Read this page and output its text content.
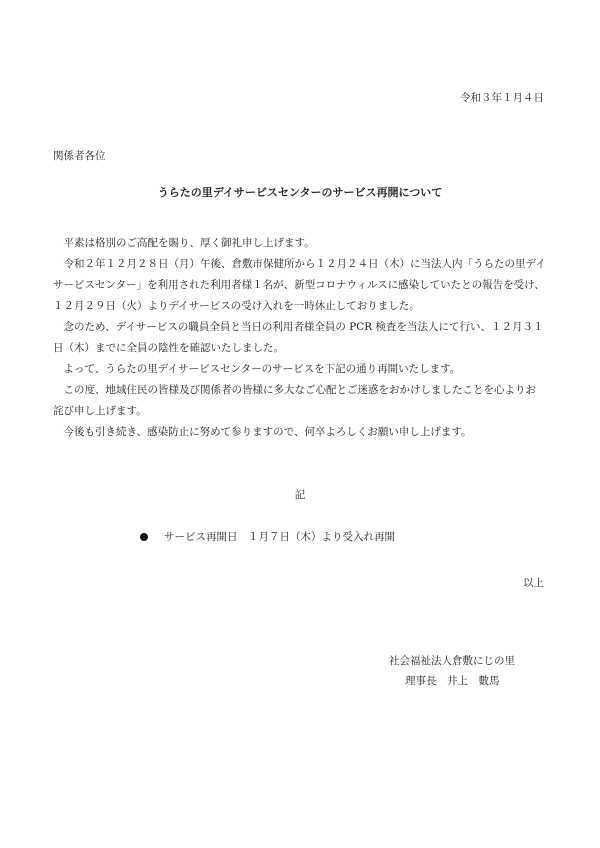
令和３年１月４日
関係者各位
うらたの里デイサービスセンターのサービス再開について
　平素は格別のご高配を賜り、厚く御礼申し上げます。
　令和２年１２月２８日（月）午後、倉敷市保健所から１２月２４日（木）に当法人内「うらたの里デイ
サービスセンター」を利用された利用者様１名が、新型コロナウィルスに感染していたとの報告を受け、
１２月２９日（火）よりデイサービスの受け入れを一時休止しておりました。
　念のため、デイサービスの職員全員と当日の利用者様全員の PCR 検査を当法人にて行い、１２月３１
日（木）までに全員の陰性を確認いたしました。
　よって、うらたの里デイサービスセンターのサービスを下記の通り再開いたします。
　この度、地域住民の皆様及び関係者の皆様に多大なご心配とご迷惑をおかけしましたことを心よりお
詫び申し上げます。
　今後も引き続き、感染防止に努めて参りますので、何卒よろしくお願い申し上げます。
記
サービス再開日　１月７日（木）より受入れ再開
以上
社会福祉法人倉敷にじの里
理事長　井上　數馬
